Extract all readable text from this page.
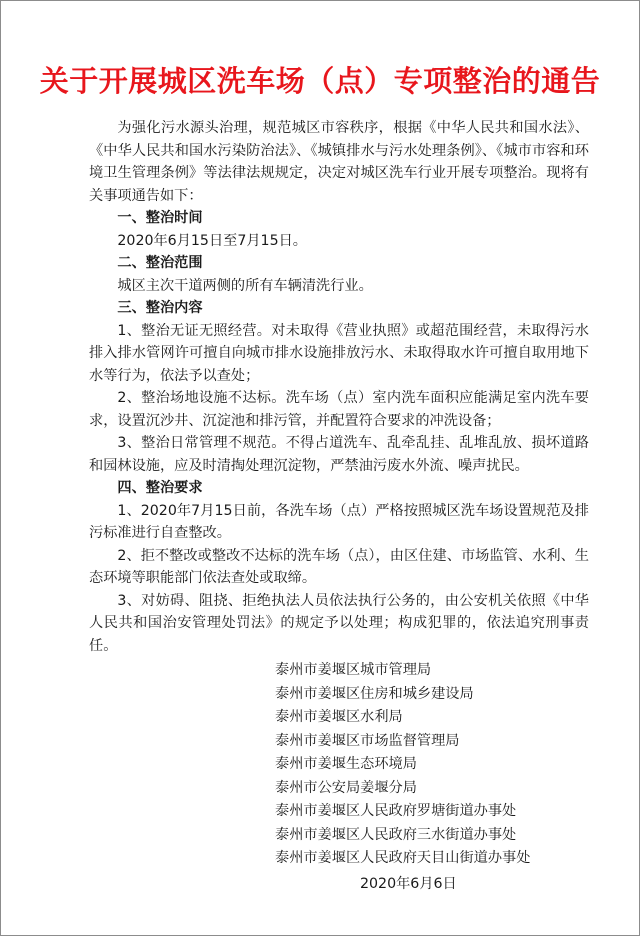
关于开展城区洗车场（点）专项整治的通告

为强化污水源头治理，规范城区市容秩序，根据《中华人民共和国水法》、《中华人民共和国水污染防治法》、《城镇排水与污水处理条例》、《城市市容和环境卫生管理条例》等法律法规规定，决定对城区洗车行业开展专项整治。现将有关事项通告如下：

一、整治时间

2020年6月15日至7月15日。

二、整治范围

城区主次干道两侧的所有车辆清洗行业。

三、整治内容

1、整治无证无照经营。对未取得《营业执照》或超范围经营，未取得污水排入排水管网许可擅自向城市排水设施排放污水、未取得取水许可擅自取用地下水等行为，依法予以查处；

2、整治场地设施不达标。洗车场（点）室内洗车面积应能满足室内洗车要求，设置沉沙井、沉淀池和排污管，并配置符合要求的冲洗设备；

3、整治日常管理不规范。不得占道洗车、乱牵乱挂、乱堆乱放、损坏道路和园林设施，应及时清掏处理沉淀物，严禁油污废水外流、噪声扰民。

四、整治要求

1、2020年7月15日前，各洗车场（点）严格按照城区洗车场设置规范及排污标准进行自查整改。

2、拒不整改或整改不达标的洗车场（点），由区住建、市场监管、水利、生态环境等职能部门依法查处或取缔。

3、对妨碍、阻挠、拒绝执法人员依法执行公务的，由公安机关依照《中华人民共和国治安管理处罚法》的规定予以处理；构成犯罪的，依法追究刑事责任。

泰州市姜堰区城市管理局
泰州市姜堰区住房和城乡建设局
泰州市姜堰区水利局
泰州市姜堰区市场监督管理局
泰州市姜堰生态环境局
泰州市公安局姜堰分局
泰州市姜堰区人民政府罗塘街道办事处
泰州市姜堰区人民政府三水街道办事处
泰州市姜堰区人民政府天目山街道办事处
2020年6月6日
